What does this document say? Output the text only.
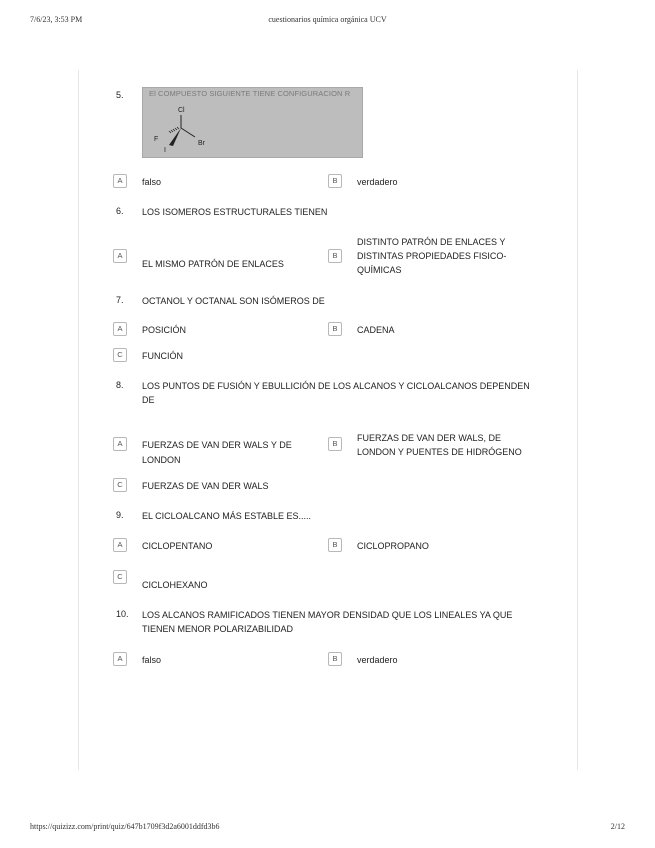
7/6/23, 3:53 PM	cuestionarios química orgánica UCV
5.	El COMPUESTO SIGUIENTE TIENE CONFIGURACION R
Cl
F
Br
I
A	falso	B	verdadero
6. LOS ISOMEROS ESTRUCTURALES TIENEN
A
EL MISMO PATRÓN DE ENLACES
B
DISTINTO PATRÓN DE ENLACES Y
DISTINTAS PROPIEDADES FISICO-
QUÍMICAS
7. OCTANOL Y OCTANAL SON ISÓMEROS DE
A	POSICIÓN	B	CADENA
C	FUNCIÓN
8. LOS PUNTOS DE FUSIÓN Y EBULLICIÓN DE LOS ALCANOS Y CICLOALCANOS DEPENDEN
DE
A	FUERZAS DE VAN DER WALS Y DE
LONDON
B
FUERZAS DE VAN DER WALS, DE
LONDON Y PUENTES DE HIDRÓGENO
C	FUERZAS DE VAN DER WALS
9. EL CICLOALCANO MÁS ESTABLE ES.....
A	CICLOPENTANO	B	CICLOPROPANO
C
CICLOHEXANO
10. LOS ALCANOS RAMIFICADOS TIENEN MAYOR DENSIDAD QUE LOS LINEALES YA QUE
TIENEN MENOR POLARIZABILIDAD
A	falso	B	verdadero
https://quizizz.com/print/quiz/647b1709f3d2a6001ddfd3b6	2/12
